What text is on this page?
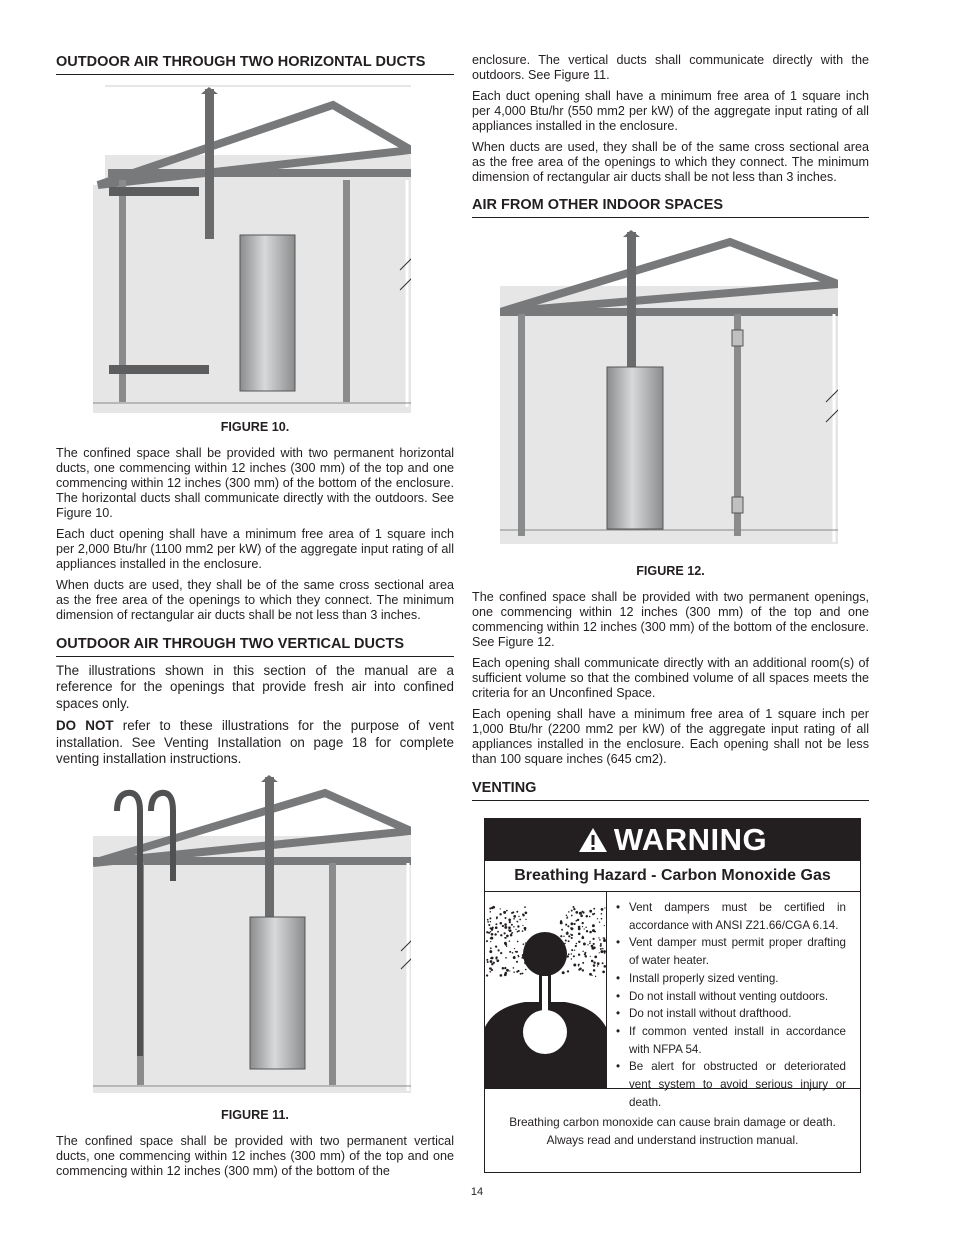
OUTDOOR AIR THROUGH TWO HORIZONTAL DUCTS
FIGURE 10.

The confined space shall be provided with two permanent horizontal ducts, one commencing within 12 inches (300 mm) of the top and one commencing within 12 inches (300 mm) of the bottom of the enclosure. The horizontal ducts shall communicate directly with the outdoors. See Figure 10.

Each duct opening shall have a minimum free area of 1 square inch per 2,000 Btu/hr (1100 mm2 per kW) of the aggregate input rating of all appliances installed in the enclosure.

When ducts are used, they shall be of the same cross sectional area as the free area of the openings to which they connect. The minimum dimension of rectangular air ducts shall be not less than 3 inches.

OUTDOOR AIR THROUGH TWO VERTICAL DUCTS

The illustrations shown in this section of the manual are a reference for the openings that provide fresh air into confined spaces only.

DO NOT refer to these illustrations for the purpose of vent installation. See Venting Installation on page 18 for complete venting installation instructions.

FIGURE 11.

The confined space shall be provided with two permanent vertical ducts, one commencing within 12 inches (300 mm) of the top and one commencing within 12 inches (300 mm) of the bottom of the

enclosure. The vertical ducts shall communicate directly with the outdoors. See Figure 11.

Each duct opening shall have a minimum free area of 1 square inch per 4,000 Btu/hr (550 mm2 per kW) of the aggregate input rating of all appliances installed in the enclosure.

When ducts are used, they shall be of the same cross sectional area as the free area of the openings to which they connect. The minimum dimension of rectangular air ducts shall be not less than 3 inches.

AIR FROM OTHER INDOOR SPACES
FIGURE 12.

The confined space shall be provided with two permanent openings, one commencing within 12 inches (300 mm) of the top and one commencing within 12 inches (300 mm) of the bottom of the enclosure. See Figure 12.

Each opening shall communicate directly with an additional room(s) of sufficient volume so that the combined volume of all spaces meets the criteria for an Unconfined Space.

Each opening shall have a minimum free area of 1 square inch per 1,000 Btu/hr (2200 mm2 per kW) of the aggregate input rating of all appliances installed in the enclosure. Each opening shall not be less than 100 square inches (645 cm2).

VENTING
WARNING
Breathing Hazard - Carbon Monoxide Gas
• Vent dampers must be certified in accordance with ANSI Z21.66/CGA 6.14.
• Vent damper must permit proper drafting of water heater.
• Install properly sized venting.
• Do not install without venting outdoors.
• Do not install without drafthood.
• If common vented install in accordance with NFPA 54.
• Be alert for obstructed or deteriorated vent system to avoid serious injury or death.
Breathing carbon monoxide can cause brain damage or death.
Always read and understand instruction manual.
14
